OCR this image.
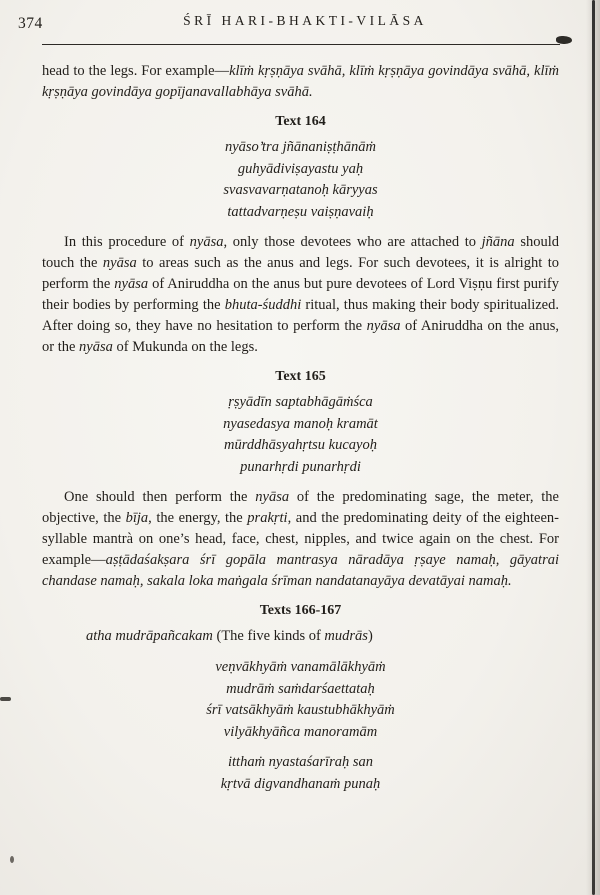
374	ŚRĪ HARI-BHAKTI-VILĀSA

head to the legs. For example—klīṁ kṛṣṇāya svāhā, klīṁ kṛṣṇāya govindāya svāhā, klīṁ kṛṣṇāya govindāya gopījanavallabhāya svāhā.

Text 164
nyāso’tra jñānaniṣṭhānāṁ
guhyādiviṣayastu yaḥ
svasvavarṇatanoḥ kāryyas
tattadvarṇeṣu vaiṣṇavaiḥ

In this procedure of nyāsa, only those devotees who are attached to jñāna should touch the nyāsa to areas such as the anus and legs. For such devotees, it is alright to perform the nyāsa of Aniruddha on the anus but pure devotees of Lord Viṣṇu first purify their bodies by performing the bhuta-śuddhi ritual, thus making their body spiritualized. After doing so, they have no hesitation to perform the nyāsa of Aniruddha on the anus, or the nyāsa of Mukunda on the legs.

Text 165
ṛṣyādīn saptabhāgāṁśca
nyasedasya manoḥ kramāt
mūrddhāsyahṛtsu kucayoḥ
punarhṛdi punarhṛdi

One should then perform the nyāsa of the predominating sage, the meter, the objective, the bīja, the energy, the prakṛti, and the predominating deity of the eighteen-syllable mantrà on one’s head, face, chest, nipples, and twice again on the chest. For example—aṣṭādaśakṣara śrī gopāla mantrasya nāradāya ṛṣaye namaḥ, gāyatrai chandase namaḥ, sakala loka maṅgala śrīman nandatanayāya devatāyai namaḥ.

Texts 166-167
atha mudrāpañcakam (The five kinds of mudrās)
veṇvākhyāṁ vanamālākhyāṁ
mudrāṁ saṁdarśaettataḥ
śrī vatsākhyāṁ kaustubhākhyāṁ
vilyākhyāñca manoramām
itthaṁ nyastaśarīraḥ san
kṛtvā digvandhanaṁ punaḥ
